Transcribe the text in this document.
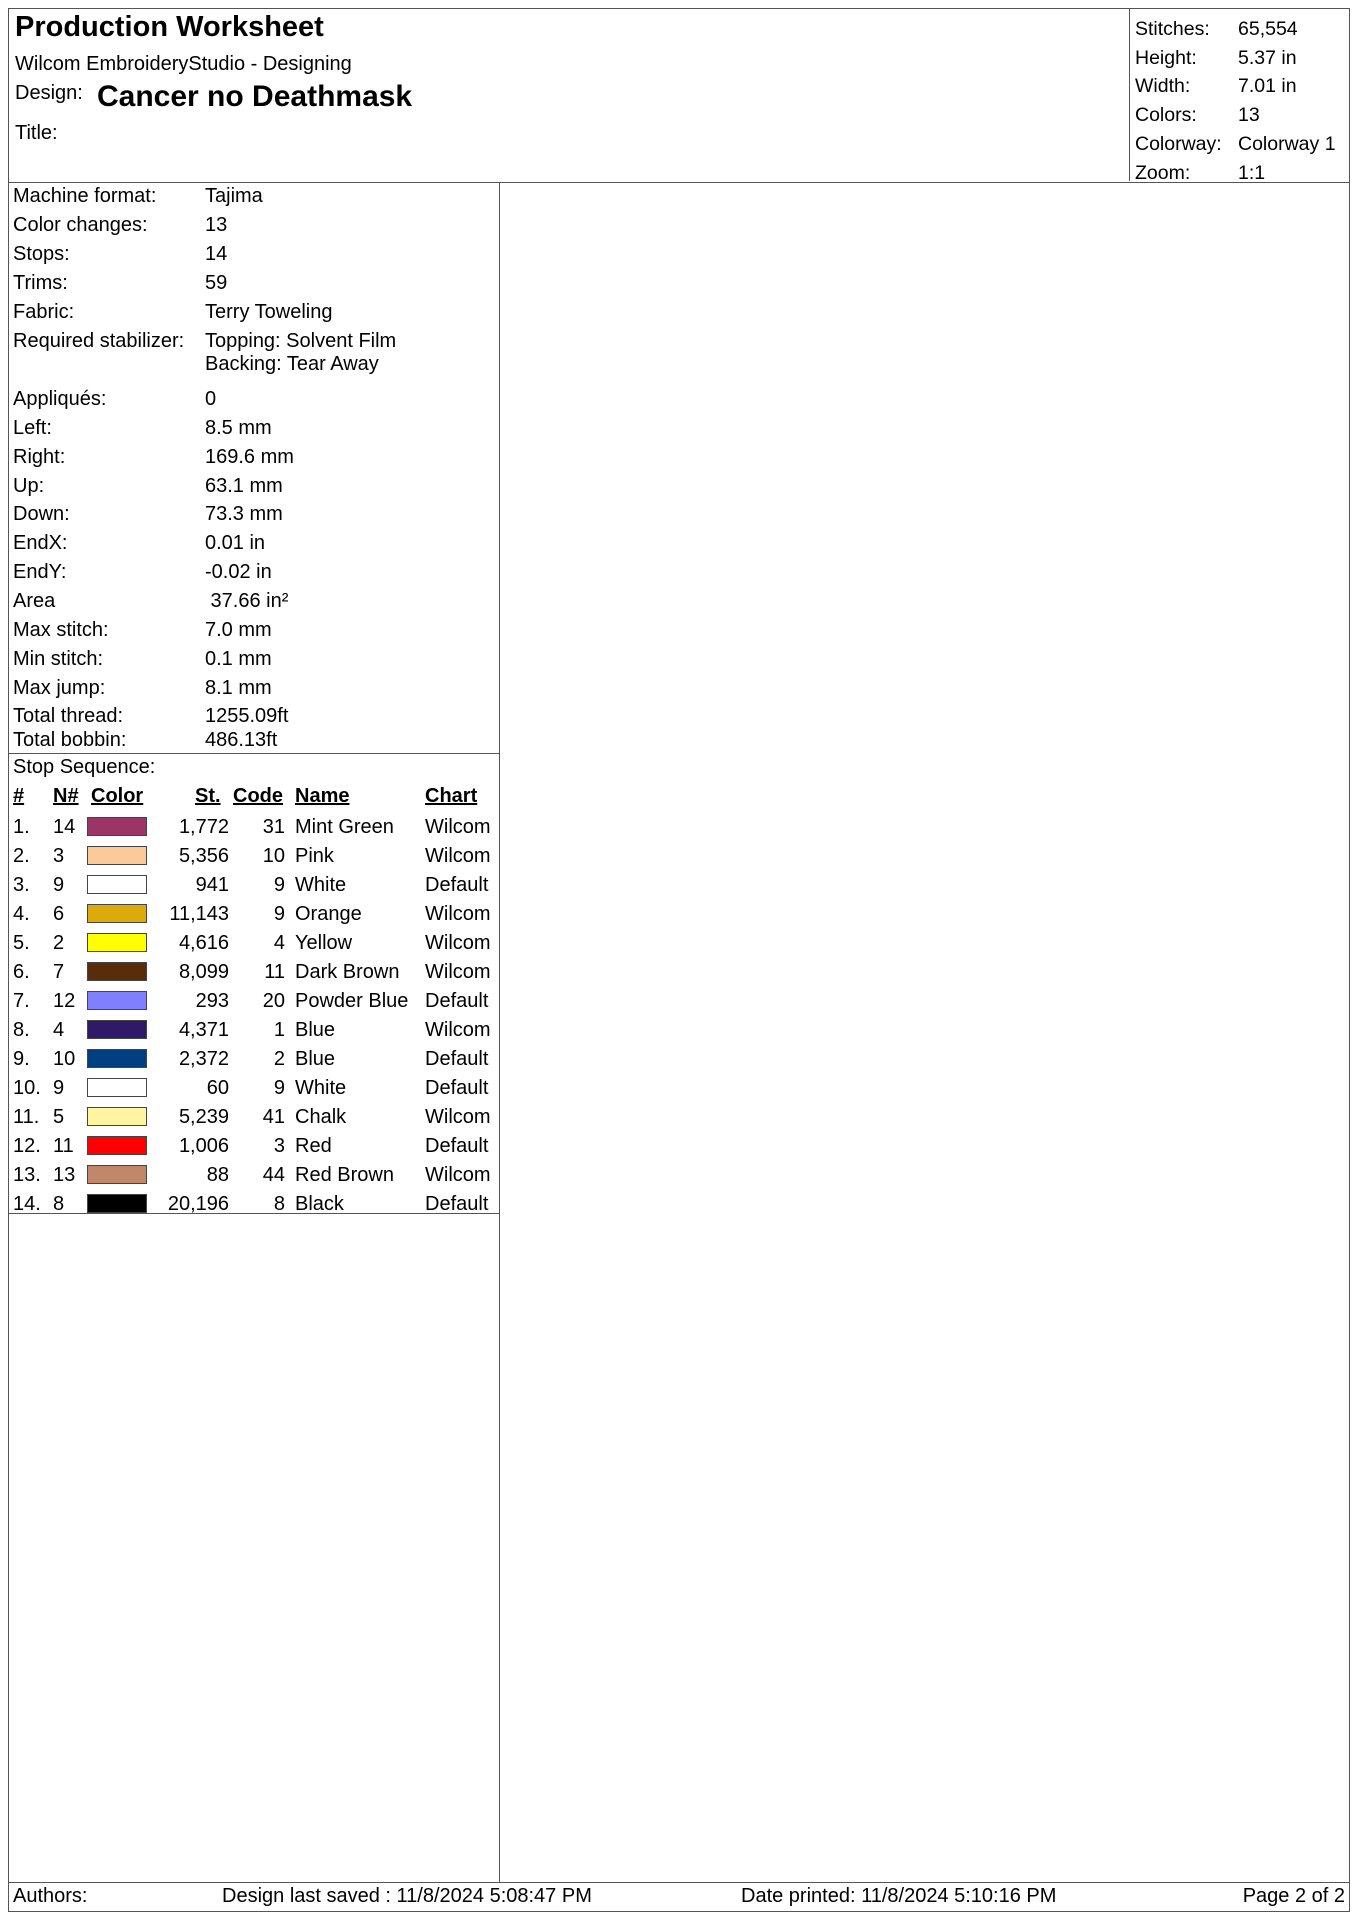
Production Worksheet
Wilcom EmbroideryStudio - Designing
Design: Cancer no Deathmask
Title:
Stitches: 65,554
Height: 5.37 in
Width: 7.01 in
Colors: 13
Colorway: Colorway 1
Zoom: 1:1
Machine format: Tajima
Color changes:	13
Stops:	14
Trims:	59
Fabric:	Terry Toweling
Required stabilizer: Topping: Solvent Film
Backing: Tear Away
Appliqués:	0
Left:	8.5 mm
Right:	169.6 mm
Up:	63.1 mm
Down:	73.3 mm
EndX:	0.01 in
EndY:	-0.02 in
Area	37.66 in²
Max stitch:	7.0 mm
Min stitch:	0.1 mm
Max jump:	8.1 mm
Total thread:	1255.09ft
Total bobbin:	486.13ft
Stop Sequence:
# N# Color	St. Code Name	Chart
1. 14	1,772 31 Mint Green Wilcom
2. 3	5,356 10 Pink	Wilcom
3. 9	941 9 White	Default
4. 6	11,143 9 Orange	Wilcom
5. 2	4,616 4 Yellow	Wilcom
6. 7	8,099 11 Dark Brown Wilcom
7. 12	293 20 Powder Blue Default
8. 4	4,371 1 Blue	Wilcom
9. 10	2,372 2 Blue	Default
10. 9	60 9 White	Default
11. 5	5,239 41 Chalk	Wilcom
12. 11	1,006 3 Red	Default
13. 13	88 44 Red Brown Wilcom
14. 8	20,196 8 Black	Default
Authors:	Design last saved : 11/8/2024 5:08:47 PM	Date printed: 11/8/2024 5:10:16 PM	Page 2 of 2
